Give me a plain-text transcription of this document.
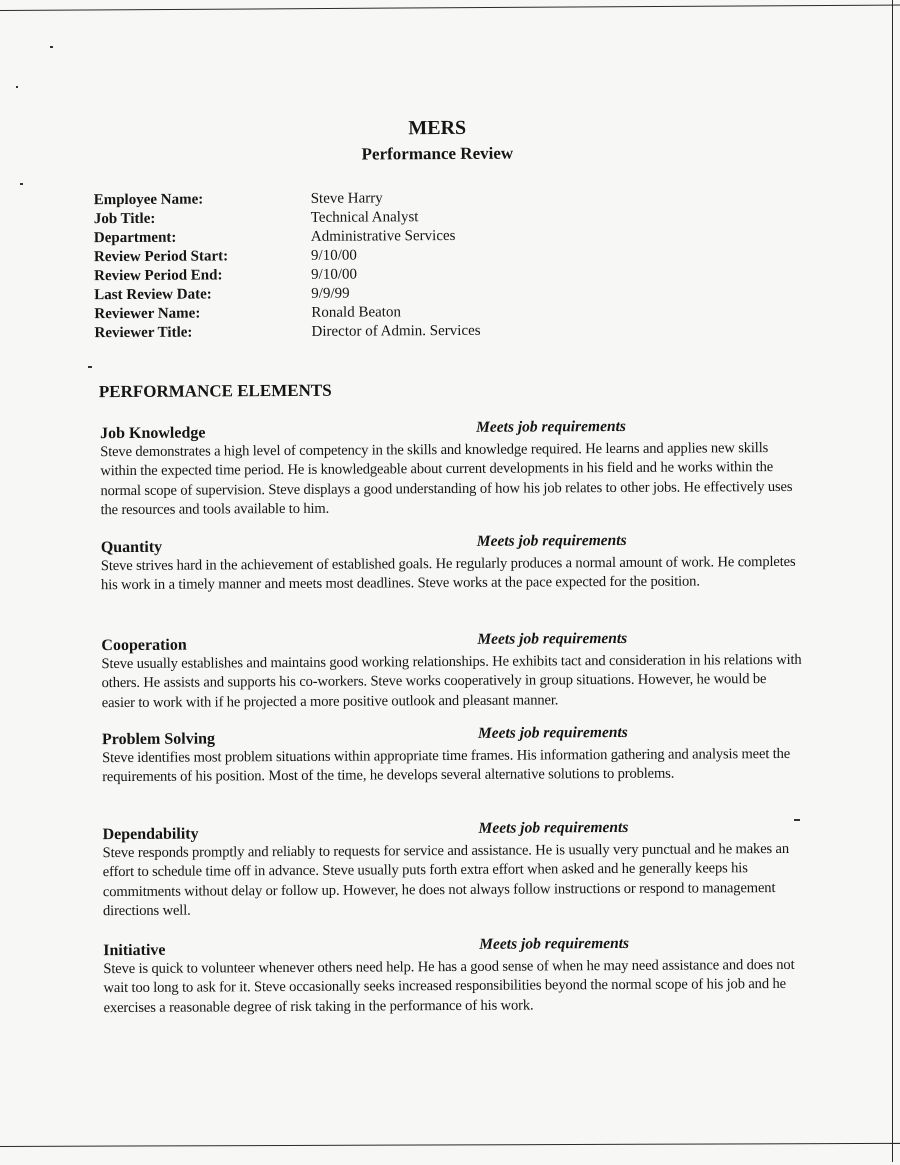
MERS
Performance Review
Employee Name:	Steve Harry
Job Title:	Technical Analyst
Department:	Administrative Services
Review Period Start:	9/10/00
Review Period End:	9/10/00
Last Review Date:	9/9/99
Reviewer Name:	Ronald Beaton
Reviewer Title:	Director of Admin. Services
PERFORMANCE ELEMENTS
Job Knowledge	Meets job requirements

Steve demonstrates a high level of competency in the skills and knowledge required. He learns and applies new skills within the expected time period. He is knowledgeable about current developments in his field and he works within the normal scope of supervision. Steve displays a good understanding of how his job relates to other jobs. He effectively uses the resources and tools available to him.

Quantity	Meets job requirements

Steve strives hard in the achievement of established goals. He regularly produces a normal amount of work. He completes his work in a timely manner and meets most deadlines. Steve works at the pace expected for the position.

Cooperation	Meets job requirements

Steve usually establishes and maintains good working relationships. He exhibits tact and consideration in his relations with others. He assists and supports his co-workers. Steve works cooperatively in group situations. However, he would be easier to work with if he projected a more positive outlook and pleasant manner.

Problem Solving	Meets job requirements

Steve identifies most problem situations within appropriate time frames. His information gathering and analysis meet the requirements of his position. Most of the time, he develops several alternative solutions to problems.

Dependability	Meets job requirements

Steve responds promptly and reliably to requests for service and assistance. He is usually very punctual and he makes an effort to schedule time off in advance. Steve usually puts forth extra effort when asked and he generally keeps his commitments without delay or follow up. However, he does not always follow instructions or respond to management directions well.

Initiative	Meets job requirements

Steve is quick to volunteer whenever others need help. He has a good sense of when he may need assistance and does not wait too long to ask for it. Steve occasionally seeks increased responsibilities beyond the normal scope of his job and he exercises a reasonable degree of risk taking in the performance of his work.
